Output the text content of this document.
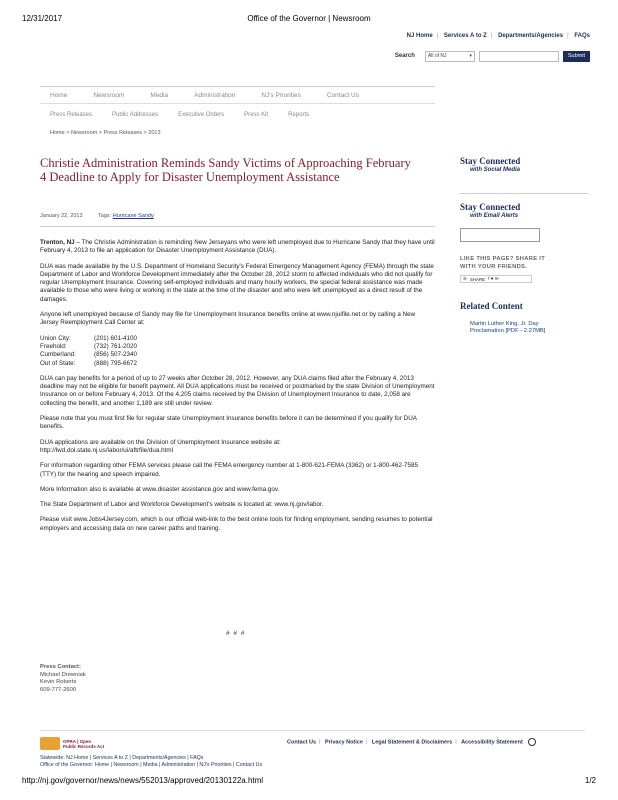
12/31/2017	Office of the Governor | Newsroom
NJ Home | Services A to Z | Departments/Agencies | FAQs
Search	All of NJ	▾	Submit
Home	Newsroom	Media	Administration	NJ's Priorities	Contact Us
Press Releases	Public Addresses	Executive Orders	Press Kit	Reports
Home > Newsroom > Press Releases > 2013
Christie Administration Reminds Sandy Victims of Approaching February 4 Deadline to Apply for Disaster Unemployment Assistance
January 22, 2013	Tags: Hurricane Sandy

Trenton, NJ – The Christie Administration is reminding New Jerseyans who were left unemployed due to Hurricane Sandy that they have until February 4, 2013 to file an application for Disaster Unemployment Assistance (DUA).

DUA was made available by the U.S. Department of Homeland Security's Federal Emergency Management Agency (FEMA) through the state Department of Labor and Workforce Development immediately after the October 28, 2012 storm to affected individuals who did not qualify for regular Unemployment Insurance. Covering self-employed individuals and many hourly workers, the special federal assistance was made available to those who were living or working in the state at the time of the disaster and who were left unemployed as a direct result of the damages.

Anyone left unemployed because of Sandy may file for Unemployment Insurance benefits online at www.njuifile.net or by calling a New Jersey Reemployment Call Center at:

Union City:	(201) 601-4100
Freehold:	(732) 761-2020
Cumberland:	(856) 507-2340
Out of State:	(888) 795-6672

DUA can pay benefits for a period of up to 27 weeks after October 28, 2012. However, any DUA claims filed after the February 4, 2013 deadline may not be eligible for benefit payment. All DUA applications must be received or postmarked by the state Division of Unemployment Insurance on or before February 4, 2013. Of the 4,205 claims received by the Division of Unemployment Insurance to date, 2,058 are collecting the benefit, and another 1,189 are still under review.

Please note that you must first file for regular state Unemployment Insurance benefits before it can be determined if you qualify for DUA benefits.

DUA applications are available on the Division of Unemployment Insurance website at:
http://lwd.dol.state.nj.us/labor/ui/aftrfile/dua.html

For information regarding other FEMA services please call the FEMA emergency number at 1-800-621-FEMA (3362) or 1-800-462-7585 (TTY) for the hearing and speech impaired.

More Information also is available at www.disaster assistance.gov and www.fema.gov.

The State Department of Labor and Workforce Development's website is located at: www.nj.gov/labor.

Please visit www.Jobs4Jersey.com, which is our official web-link to the best online tools for finding employment, sending resumes to potential employers and accessing data on new career paths and training.

# # #
Press Contact:
Michael Drewniak
Kevin Roberts
609-777-2600
Stay Connected
with Social Media
Stay Connected
with Email Alerts
LIKE THIS PAGE? SHARE IT
WITH YOUR FRIENDS.
⊕ SHARE f ♥ ✉
Related Content
Martin Luther King, Jr. Day
Proclamation [PDF - 2.27MB]
OPRA | Open
Public Records Act
Contact Us | Privacy Notice | Legal Statement & Disclaimers | Accessibility Statement
Statewide: NJ Home | Services A to Z | Departments/Agencies | FAQs
Office of the Governor: Home | Newsroom | Media | Administration | NJ's Priorities | Contact Us
http://nj.gov/governor/news/news/552013/approved/20130122a.html	1/2
